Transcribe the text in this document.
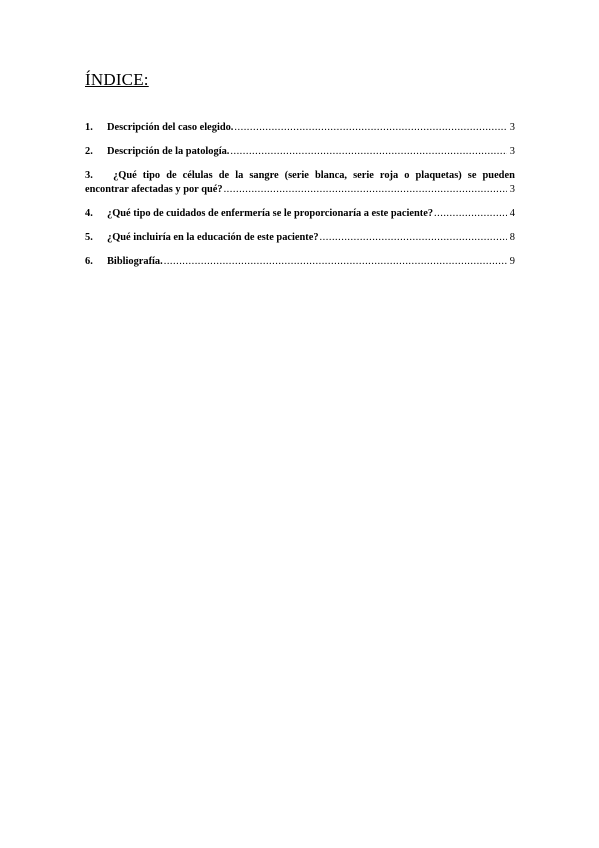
ÍNDICE:
1.	Descripción del caso elegido. .....	3
2.	Descripción de la patología. .....	3
3.	¿Qué tipo de células de la sangre (serie blanca, serie roja o plaquetas) se pueden
encontrar afectadas y por qué? .....	3
4.	¿Qué tipo de cuidados de enfermería se le proporcionaría a este paciente? .....	4
5.	¿Qué incluiría en la educación de este paciente? .....	8
6.	Bibliografía. .....	9
